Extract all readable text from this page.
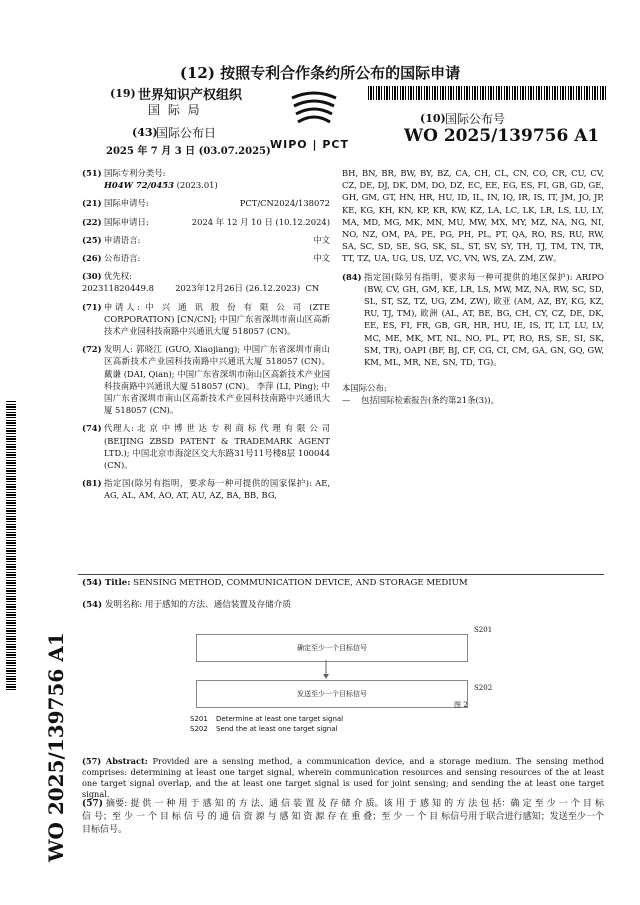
(12) 按照专利合作条约所公布的国际申请
(19) 世界知识产权组织
国 际 局
(43)
国际公布日
2025 年 7 月 3 日 (03.07.2025)
WIPO | PCT
(10) 国际公布号
WO 2025/139756 A1
WO 2025/139756 A1
(51) 国际专利分类号:
H04W 72/0453 (2023.01)
(21) 国际申请号:	PCT/CN2024/138072
(22) 国际申请日:	2024 年 12 月 10 日 (10.12.2024)
(25) 申请语言:	中文
(26) 公布语言:	中文
(30) 优先权:
202311820449.8        2023年12月26日 (26.12.2023)  CN
(71) 申请人: 中 兴 通 讯 股 份 有 限 公 司 (ZTE CORPORATION) [CN/CN]; 中国广东省深圳市南山区高新技术产业园科技南路中兴通讯大厦 518057 (CN)。
(72) 发明人: 郭晓江 (GUO, Xiaojiang); 中国广东省深圳市南山区高新技术产业园科技南路中兴通讯大厦 518057 (CN)。 戴谦 (DAI, Qian); 中国广东省深圳市南山区高新技术产业园科技南路中兴通讯大厦 518057 (CN)。 李萍 (LI, Ping); 中国广东省深圳市南山区高新技术产业园科技南路中兴通讯大厦 518057 (CN)。
(74) 代理人: 北 京 中 博 世 达 专 利 商 标 代 理 有 限 公 司 (BEIJING ZBSD PATENT & TRADEMARK AGENT LTD.); 中国北京市海淀区交大东路31号11号楼8层 100044 (CN)。
(81) 指定国(除另有指明，要求每一种可提供的国家保护): AE, AG, AL, AM, AO, AT, AU, AZ, BA, BB, BG,
BH, BN, BR, BW, BY, BZ, CA, CH, CL, CN, CO, CR, CU, CV, CZ, DE, DJ, DK, DM, DO, DZ, EC, EE, EG, ES, FI, GB, GD, GE, GH, GM, GT, HN, HR, HU, ID, IL, IN, IQ, IR, IS, IT, JM, JO, JP, KE, KG, KH, KN, KP, KR, KW, KZ, LA, LC, LK, LR, LS, LU, LY, MA, MD, MG, MK, MN, MU, MW, MX, MY, MZ, NA, NG, NI, NO, NZ, OM, PA, PE, PG, PH, PL, PT, QA, RO, RS, RU, RW, SA, SC, SD, SE, SG, SK, SL, ST, SV, SY, TH, TJ, TM, TN, TR, TT, TZ, UA, UG, US, UZ, VC, VN, WS, ZA, ZM, ZW。
(84) 指定国(除另有指明，要求每一种可提供的地区保护): ARIPO (BW, CV, GH, GM, KE, LR, LS, MW, MZ, NA, RW, SC, SD, SL, ST, SZ, TZ, UG, ZM, ZW), 欧亚 (AM, AZ, BY, KG, KZ, RU, TJ, TM), 欧洲 (AL, AT, BE, BG, CH, CY, CZ, DE, DK, EE, ES, FI, FR, GB, GR, HR, HU, IE, IS, IT, LT, LU, LV, MC, ME, MK, MT, NL, NO, PL, PT, RO, RS, SE, SI, SK, SM, TR), OAPI (BF, BJ, CF, CG, CI, CM, GA, GN, GQ, GW, KM, ML, MR, NE, SN, TD, TG)。
本国际公布:
—    包括国际检索报告(条约第21条(3))。
(54) Title: SENSING METHOD, COMMUNICATION DEVICE, AND STORAGE MEDIUM
(54) 发明名称: 用于感知的方法、通信装置及存储介质
确定至少一个目标信号
S201
发送至少一个目标信号
S202
图 2
S201 Determine at least one target signal
S202 Send the at least one target signal
(57) Abstract: Provided are a sensing method, a communication device, and a storage medium. The sensing method comprises: determining at least one target signal, wherein communication resources and sensing resources of the at least one target signal overlap, and the at least one target signal is used for joint sensing; and sending the at least one target signal.
(57) 摘要: 提 供 一 种 用 于 感 知 的 方 法、通 信 装 置 及 存 储 介 质。该 用 于 感 知 的 方 法 包 括：确 定 至 少 一 个 目 标 信 号；至 少 一 个 目 标 信 号 的 通 信 资 源 与 感 知 资 源 存 在 重 叠；至 少 一 个 目 标信号用于联合进行感知；发送至少一个目标信号。
